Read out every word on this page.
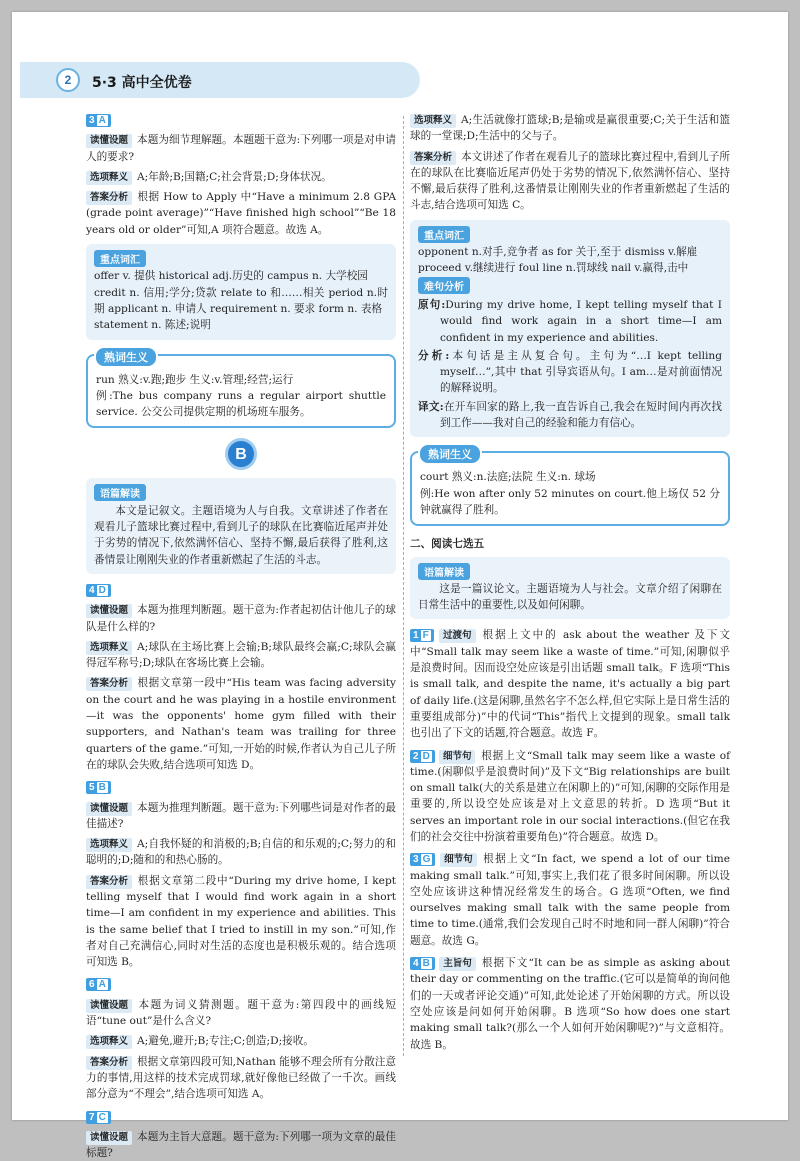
2	5·3 高中全优卷
3 A

读懂设题 本题为细节理解题。本题题干意为:下列哪一项是对申请人的要求?

选项释义 A;年龄;B;国籍;C;社会背景;D;身体状况。

答案分析 根据 How to Apply 中“Have a minimum 2.8 GPA (grade point average)”“Have finished high school”“Be 18 years old or older”可知,A 项符合题意。故选 A。

重点词汇

offer v. 提供 historical adj.历史的 campus n. 大学校园

credit n. 信用;学分;贷款 relate to 和……相关 period n.时期 applicant n. 申请人 requirement n. 要求 form n. 表格

statement n. 陈述;说明

熟词生义

run 熟义:v.跑;跑步 生义:v.管理;经营;运行

例:The bus company runs a regular airport shuttle service. 公交公司提供定期的机场班车服务。

B
语篇解读

本文是记叙文。主题语境为人与自我。文章讲述了作者在观看儿子篮球比赛过程中,看到儿子的球队在比赛临近尾声并处于劣势的情况下,依然满怀信心、坚持不懈,最后获得了胜利,这番情景让刚刚失业的作者重新燃起了生活的斗志。

4 D

读懂设题 本题为推理判断题。题干意为:作者起初估计他儿子的球队是什么样的?

选项释义 A;球队在主场比赛上会输;B;球队最终会赢;C;球队会赢得冠军称号;D;球队在客场比赛上会输。

答案分析 根据文章第一段中“His team was facing adversity on the court and he was playing in a hostile environment—it was the opponents' home gym filled with their supporters, and Nathan's team was trailing for three quarters of the game.”可知,一开始的时候,作者认为自己儿子所在的球队会失败,结合选项可知选 D。

5 B

读懂设题 本题为推理判断题。题干意为:下列哪些词是对作者的最佳描述?

选项释义 A;自我怀疑的和消极的;B;自信的和乐观的;C;努力的和聪明的;D;随和的和热心肠的。

答案分析 根据文章第二段中“During my drive home, I kept telling myself that I would find work again in a short time—I am confident in my experience and abilities. This is the same belief that I tried to instill in my son.”可知,作者对自己充满信心,同时对生活的态度也是积极乐观的。结合选项可知选 B。

6 A

读懂设题 本题为词义猜测题。题干意为:第四段中的画线短语“tune out”是什么含义?

选项释义 A;避免,避开;B;专注;C;创造;D;接收。

答案分析 根据文章第四段可知,Nathan 能够不理会所有分散注意力的事情,用这样的技术完成罚球,就好像他已经做了一千次。画线部分意为“不理会”,结合选项可知选 A。

7 C

读懂设题 本题为主旨大意题。题干意为:下列哪一项为文章的最佳标题?

选项释义 A;生活就像打篮球;B;是输或是赢很重要;C;关于生活和篮球的一堂课;D;生活中的父与子。

答案分析 本文讲述了作者在观看儿子的篮球比赛过程中,看到儿子所在的球队在比赛临近尾声仍处于劣势的情况下,依然满怀信心、坚持不懈,最后获得了胜利,这番情景让刚刚失业的作者重新燃起了生活的斗志,结合选项可知选 C。

重点词汇

opponent n.对手,竞争者 as for 关于,至于 dismiss v.解雇

proceed v.继续进行 foul line n.罚球线 nail v.赢得,击中

难句分析

原句:During my drive home, I kept telling myself that I would find work again in a short time—I am confident in my experience and abilities.

分析:本句话是主从复合句。主句为“…I kept telling myself…”,其中 that 引导宾语从句。I am…是对前面情况的解释说明。

译文:在开车回家的路上,我一直告诉自己,我会在短时间内再次找到工作——我对自己的经验和能力有信心。

熟词生义

court 熟义:n.法庭;法院 生义:n. 球场

例:He won after only 52 minutes on court.他上场仅 52 分钟就赢得了胜利。

二、阅读七选五

语篇解读

这是一篇议论文。主题语境为人与社会。文章介绍了闲聊在日常生活中的重要性,以及如何闲聊。

1 F 过渡句 根据上文中的 ask about the weather 及下文中“Small talk may seem like a waste of time.”可知,闲聊似乎是浪费时间。因而设空处应该是引出话题 small talk。F 选项“This is small talk, and despite the name, it's actually a big part of daily life.(这是闲聊,虽然名字不怎么样,但它实际上是日常生活的重要组成部分)”中的代词“This”指代上文提到的现象。small talk 也引出了下文的话题,符合题意。故选 F。

2 D 细节句 根据上文“Small talk may seem like a waste of time.(闲聊似乎是浪费时间)”及下文“Big relationships are built on small talk(大的关系是建立在闲聊上的)”可知,闲聊的交际作用是重要的,所以设空处应该是对上文意思的转折。D 选项“But it serves an important role in our social interactions.(但它在我们的社会交往中扮演着重要角色)”符合题意。故选 D。

3 G 细节句 根据上文“In fact, we spend a lot of our time making small talk.”可知,事实上,我们花了很多时间闲聊。所以设空处应该讲这种情况经常发生的场合。G 选项“Often, we find ourselves making small talk with the same people from time to time.(通常,我们会发现自己时不时地和同一群人闲聊)”符合题意。故选 G。

4 B 主旨句 根据下文“It can be as simple as asking about their day or commenting on the traffic.(它可以是简单的询问他们的一天或者评论交通)”可知,此处论述了开始闲聊的方式。所以设空处应该是问如何开始闲聊。B 选项“So how does one start making small talk?(那么一个人如何开始闲聊呢?)”与文意相符。故选 B。
